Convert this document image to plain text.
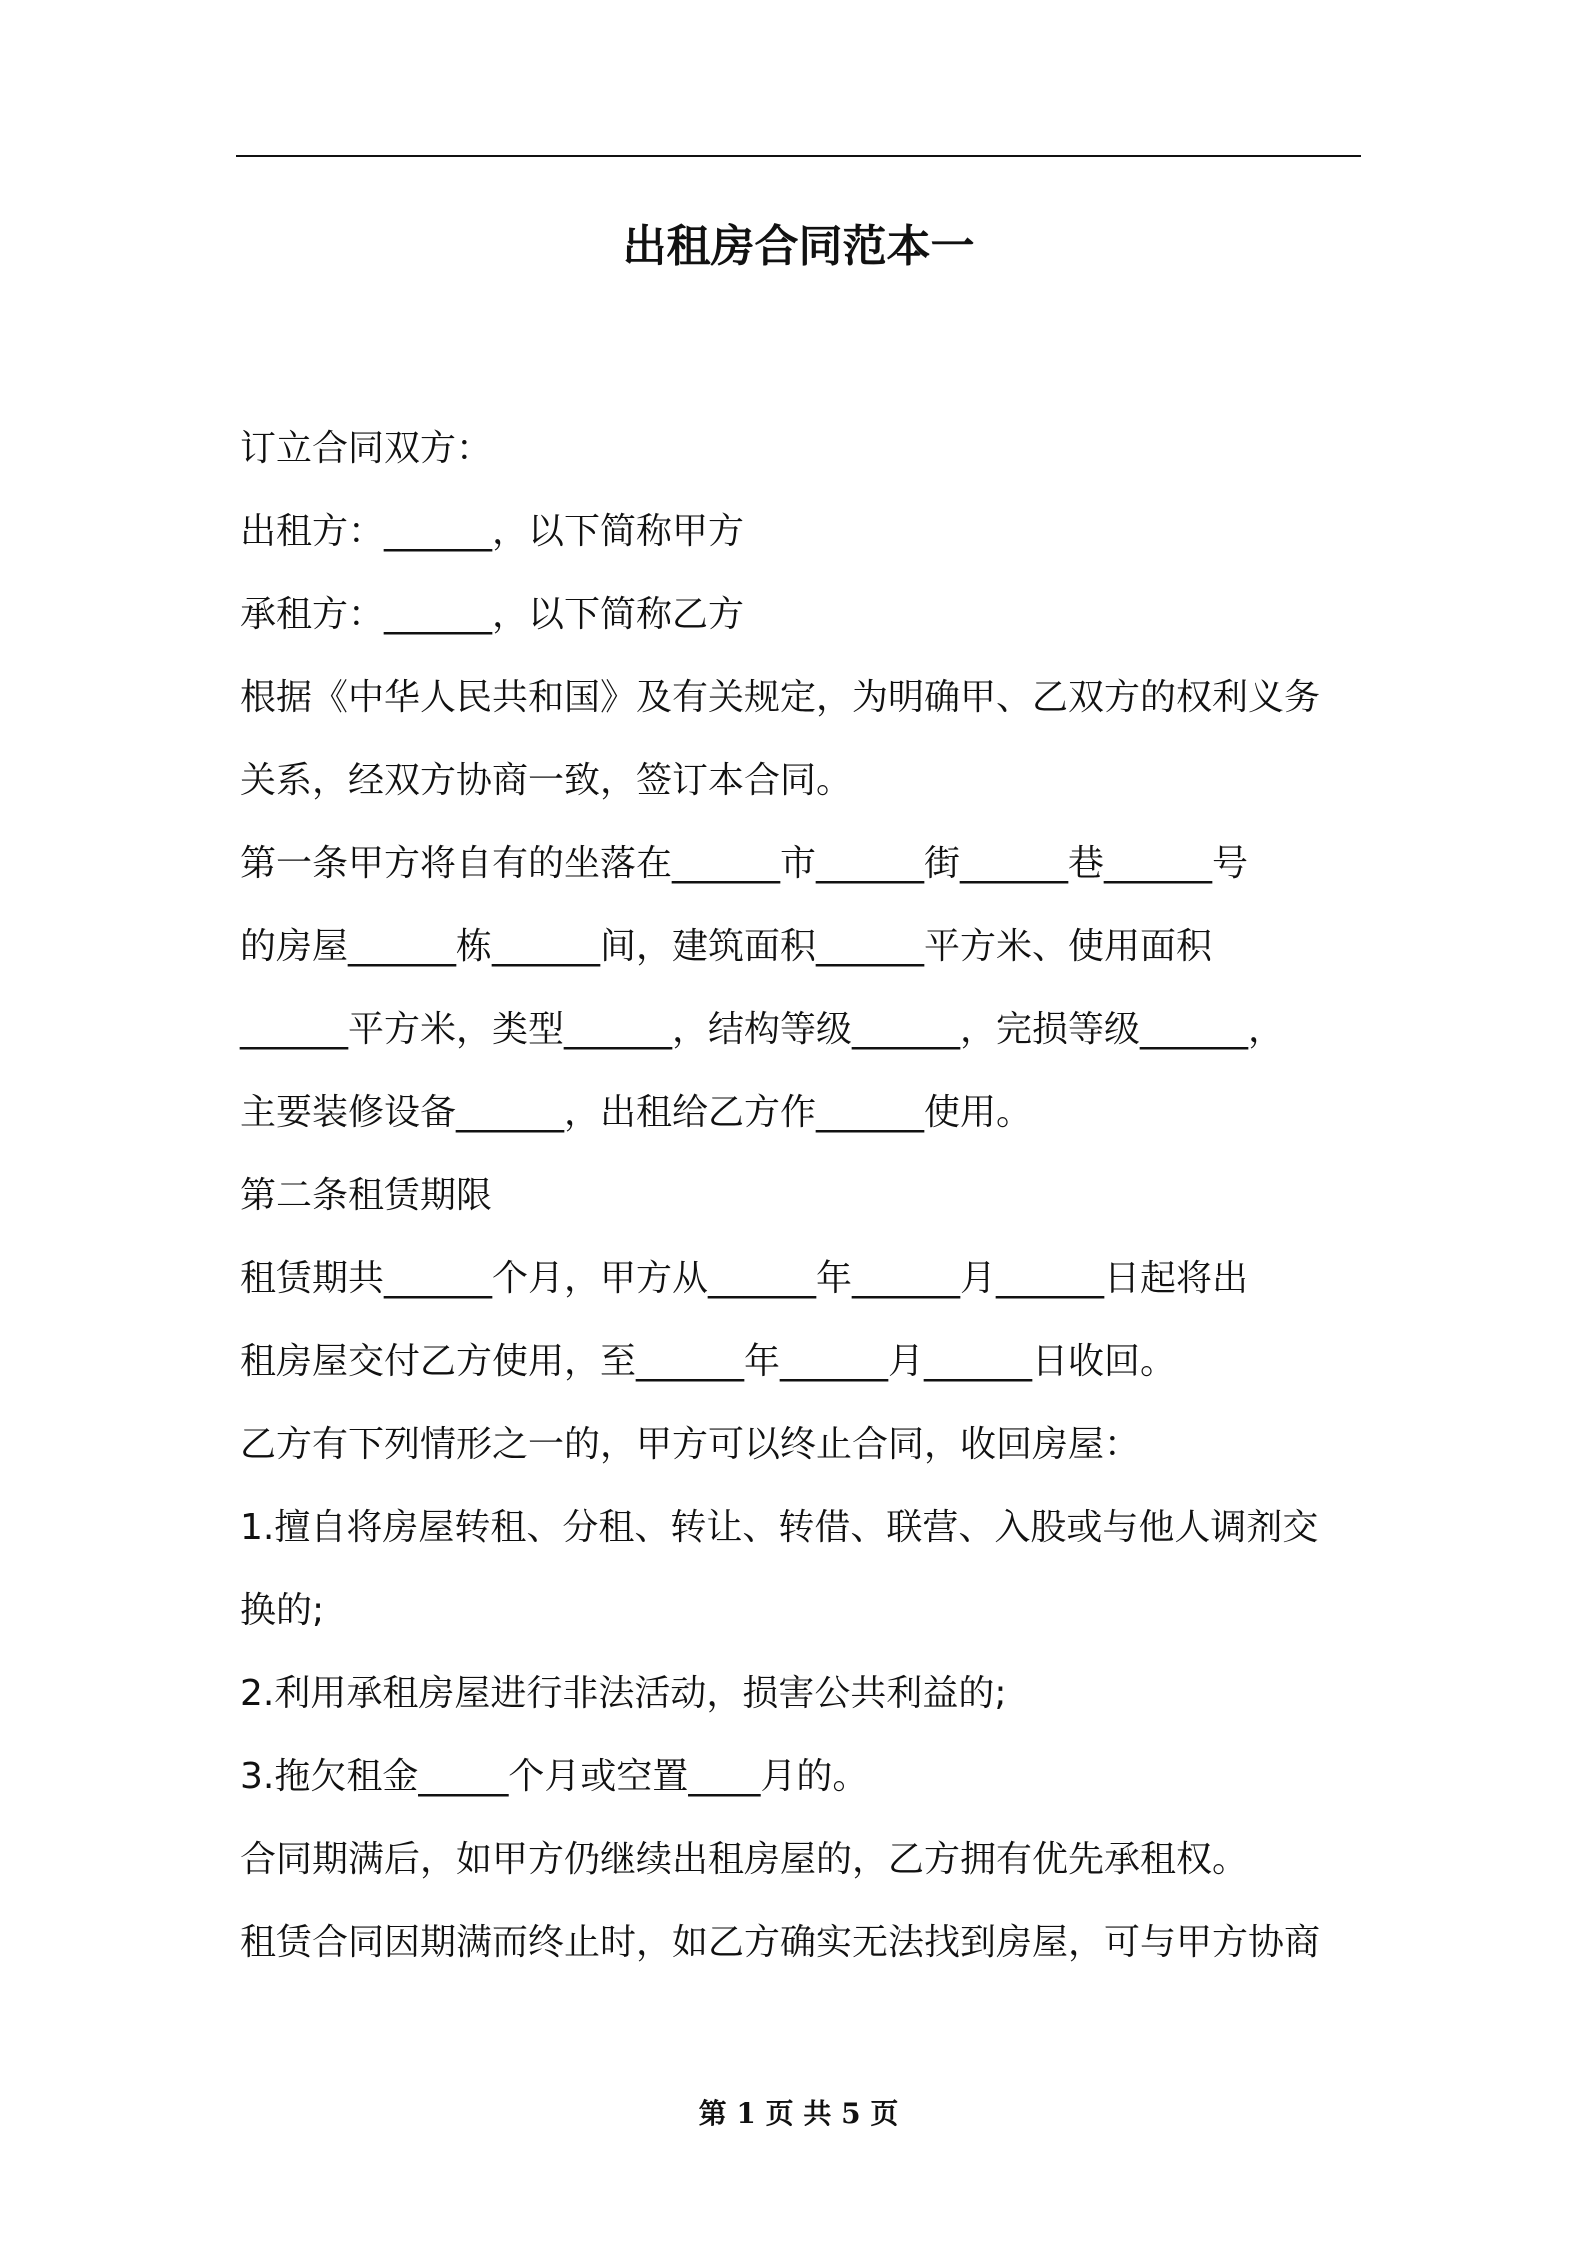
出租房合同范本一

订立合同双方：

出租方：______，以下简称甲方

承租方：______，以下简称乙方

根据《中华人民共和国》及有关规定，为明确甲、乙双方的权利义务

关系，经双方协商一致，签订本合同。

第一条甲方将自有的坐落在______市______街______巷______号

的房屋______栋______间，建筑面积______平方米、使用面积

______平方米，类型______，结构等级______，完损等级______，

主要装修设备______，出租给乙方作______使用。

第二条租赁期限

租赁期共______个月，甲方从______年______月______日起将出

租房屋交付乙方使用，至______年______月______日收回。

乙方有下列情形之一的，甲方可以终止合同，收回房屋：

1.擅自将房屋转租、分租、转让、转借、联营、入股或与他人调剂交

换的;

2.利用承租房屋进行非法活动，损害公共利益的;

3.拖欠租金_____个月或空置____月的。

合同期满后，如甲方仍继续出租房屋的，乙方拥有优先承租权。

租赁合同因期满而终止时，如乙方确实无法找到房屋，可与甲方协商

第 1 页 共 5 页
